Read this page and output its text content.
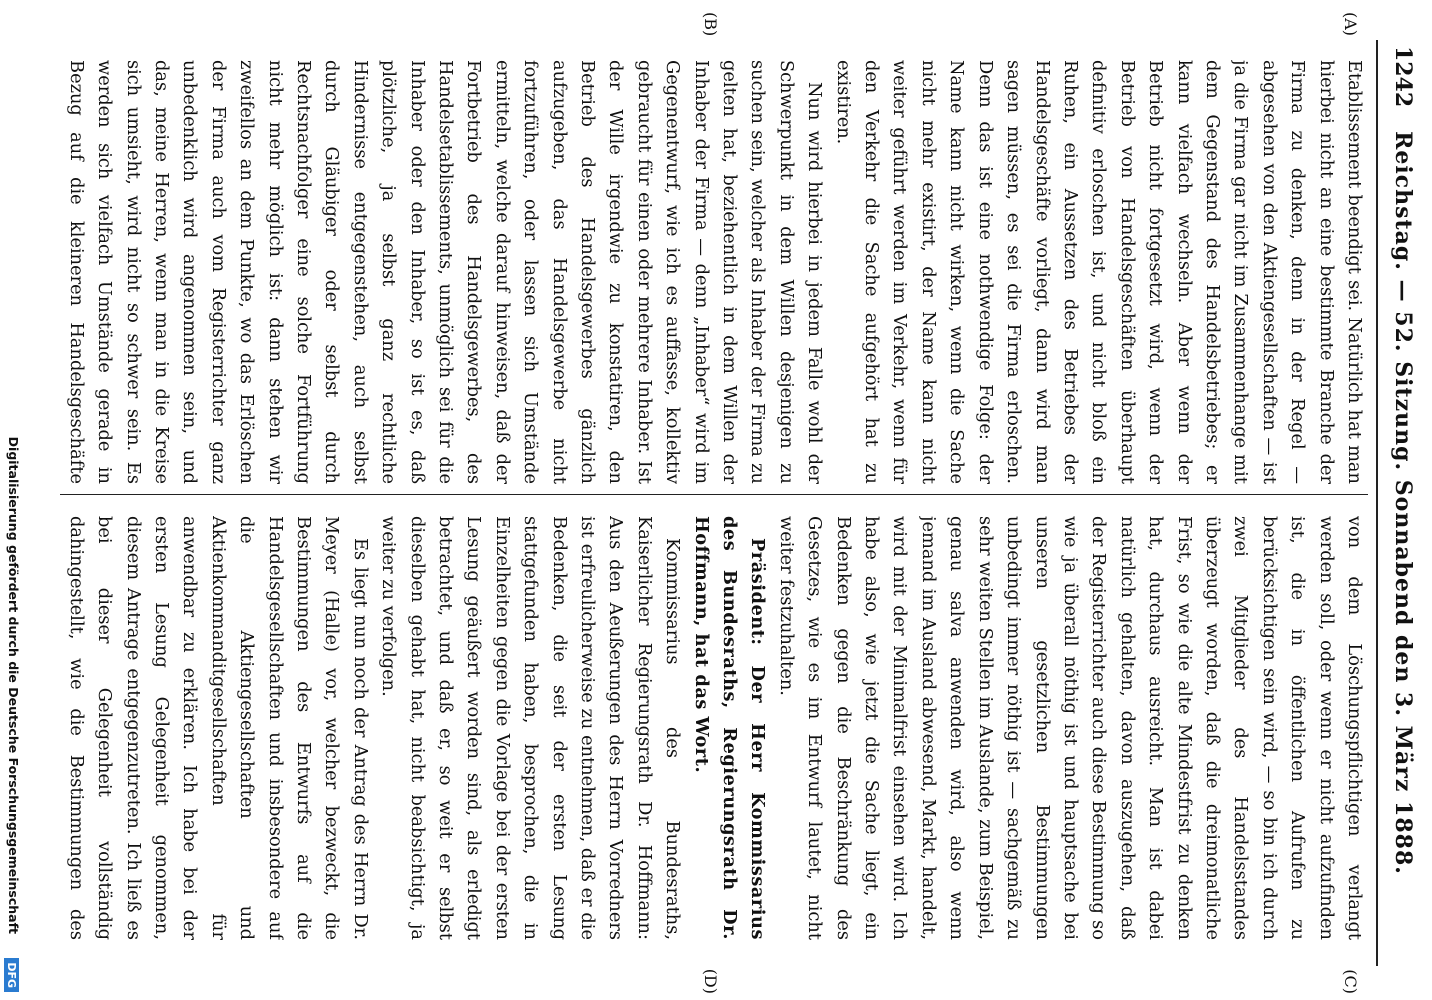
1242
Reichstag. — 52. Sitzung. Sonnabend den 3. März 1888.
(A)
(B)
(C)
(D)

Etablissement beendigt sei. Natürlich hat man hierbei nicht an eine bestimmte Branche der Firma zu denken, denn in der Regel — abgesehen von den Aktiengesellschaften — ist ja die Firma gar nicht im Zusammenhange mit dem Gegenstand des Handelsbetriebes; er kann vielfach wechseln. Aber wenn der Betrieb nicht fortgesetzt wird, wenn der Betrieb von Handelsgeschäften überhaupt definitiv erloschen ist, und nicht bloß ein Ruhen, ein Aussetzen des Betriebes der Handelsgeschäfte vorliegt, dann wird man sagen müssen, es sei die Firma erloschen. Denn das ist eine nothwendige Folge: der Name kann nicht wirken, wenn die Sache nicht mehr existirt, der Name kann nicht weiter geführt werden im Verkehr, wenn für den Verkehr die Sache aufgehört hat zu existiren.

Nun wird hierbei in jedem Falle wohl der Schwerpunkt in dem Willen desjenigen zu suchen sein, welcher als Inhaber der Firma zu gelten hat, beziehentlich in dem Willen der Inhaber der Firma — denn „Inhaber“ wird im Gegenentwurf, wie ich es auffasse, kollektiv gebraucht für einen oder mehrere Inhaber. Ist der Wille irgendwie zu konstatiren, den Betrieb des Handelsgewerbes gänzlich aufzugeben, das Handelsgewerbe nicht fortzuführen, oder lassen sich Umstände ermitteln, welche darauf hinweisen, daß der Fortbetrieb des Handelsgewerbes, des Handelsetablissements, unmöglich sei für die Inhaber oder den Inhaber, so ist es, daß plötzliche, ja selbst ganz rechtliche Hindernisse entgegenstehen, auch selbst durch Gläubiger oder selbst durch Rechtsnachfolger eine solche Fortführung nicht mehr möglich ist: dann stehen wir zweifellos an dem Punkte, wo das Erlöschen der Firma auch vom Registerrichter ganz unbedenklich wird angenommen sein, und das, meine Herren, wenn man in die Kreise sich umsieht, wird nicht so schwer sein. Es werden sich vielfach Umstände gerade in Bezug auf die kleineren Handelsgeschäfte

von dem Löschungspflichtigen verlangt werden soll, oder wenn er nicht aufzufinden ist, die in öffentlichen Aufrufen zu berücksichtigen sein wird, — so bin ich durch zwei Mitglieder des Handelsstandes überzeugt worden, daß die dreimonatliche Frist, so wie die alte Mindestfrist zu denken hat, durchaus ausreicht. Man ist dabei natürlich gehalten, davon auszugehen, daß der Registerrichter auch diese Bestimmung so wie ja überall nöthig ist und hauptsache bei unseren gesetzlichen Bestimmungen unbedingt immer nöthig ist — sachgemäß zu sehr weiten Stellen im Auslande, zum Beispiel, genau salva anwenden wird, also wenn jemand im Ausland abwesend, Markt, handelt, wird mit der Minimalfrist einsehen wird. Ich habe also, wie jetzt die Sache liegt, ein Bedenken gegen die Beschränkung des Gesetzes, wie es im Entwurf lautet, nicht weiter festzuhalten.

Präsident: Der Herr Kommissarius des Bundesraths, Regierungsrath Dr. Hoffmann, hat das Wort.

Kommissarius des Bundesraths, Kaiserlicher Regierungsrath Dr. Hoffmann: Aus den Aeußerungen des Herrn Vorredners ist erfreulicherweise zu entnehmen, daß er die Bedenken, die seit der ersten Lesung stattgefunden haben, besprochen, die in Einzelheiten gegen die Vorlage bei der ersten Lesung geäußert worden sind, als erledigt betrachtet, und daß er, so weit er selbst dieselben gehabt hat, nicht beabsichtigt, ja weiter zu verfolgen.

Es liegt nun noch der Antrag des Herrn Dr. Meyer (Halle) vor, welcher bezweckt, die Bestimmungen des Entwurfs auf die Handelsgesellschaften und insbesondere auf die Aktiengesellschaften und Aktienkommanditgesellschaften für anwendbar zu erklären. Ich habe bei der ersten Lesung Gelegenheit genommen, diesem Antrage entgegenzutreten. Ich ließ es bei dieser Gelegenheit vollständig dahingestellt, wie die Bestimmungen des

Digitalisierung gefördert durch die Deutsche Forschungsgemeinschaft
DFG
